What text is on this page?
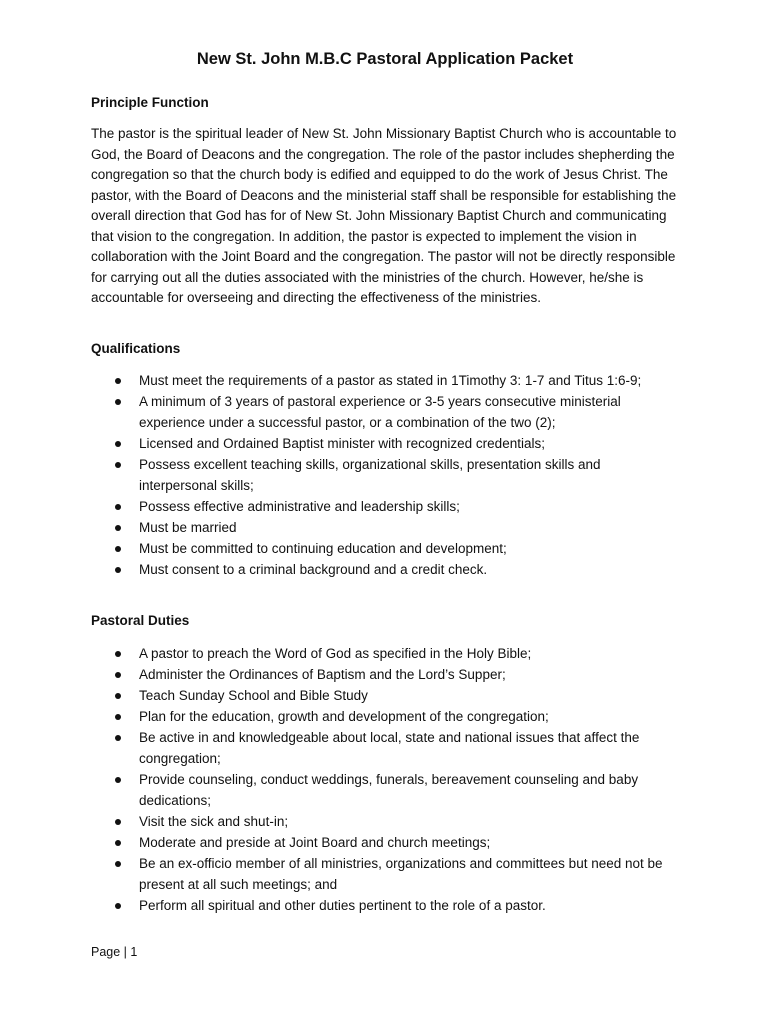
New St. John M.B.C Pastoral Application Packet
Principle Function

The pastor is the spiritual leader of New St. John Missionary Baptist Church who is accountable to God, the Board of Deacons and the congregation. The role of the pastor includes shepherding the congregation so that the church body is edified and equipped to do the work of Jesus Christ. The pastor, with the Board of Deacons and the ministerial staff shall be responsible for establishing the overall direction that God has for of New St. John Missionary Baptist Church and communicating that vision to the congregation. In addition, the pastor is expected to implement the vision in collaboration with the Joint Board and the congregation. The pastor will not be directly responsible for carrying out all the duties associated with the ministries of the church. However, he/she is accountable for overseeing and directing the effectiveness of the ministries.

Qualifications
Must meet the requirements of a pastor as stated in 1Timothy 3: 1-7 and Titus 1:6-9;
A minimum of 3 years of pastoral experience or 3-5 years consecutive ministerial experience under a successful pastor, or a combination of the two (2);
Licensed and Ordained Baptist minister with recognized credentials;
Possess excellent teaching skills, organizational skills, presentation skills and interpersonal skills;
Possess effective administrative and leadership skills;
Must be married
Must be committed to continuing education and development;
Must consent to a criminal background and a credit check.
Pastoral Duties
A pastor to preach the Word of God as specified in the Holy Bible;
Administer the Ordinances of Baptism and the Lord’s Supper;
Teach Sunday School and Bible Study
Plan for the education, growth and development of the congregation;
Be active in and knowledgeable about local, state and national issues that affect the congregation;
Provide counseling, conduct weddings, funerals, bereavement counseling and baby dedications;
Visit the sick and shut-in;
Moderate and preside at Joint Board and church meetings;
Be an ex-officio member of all ministries, organizations and committees but need not be present at all such meetings; and
Perform all spiritual and other duties pertinent to the role of a pastor.
Page | 1
